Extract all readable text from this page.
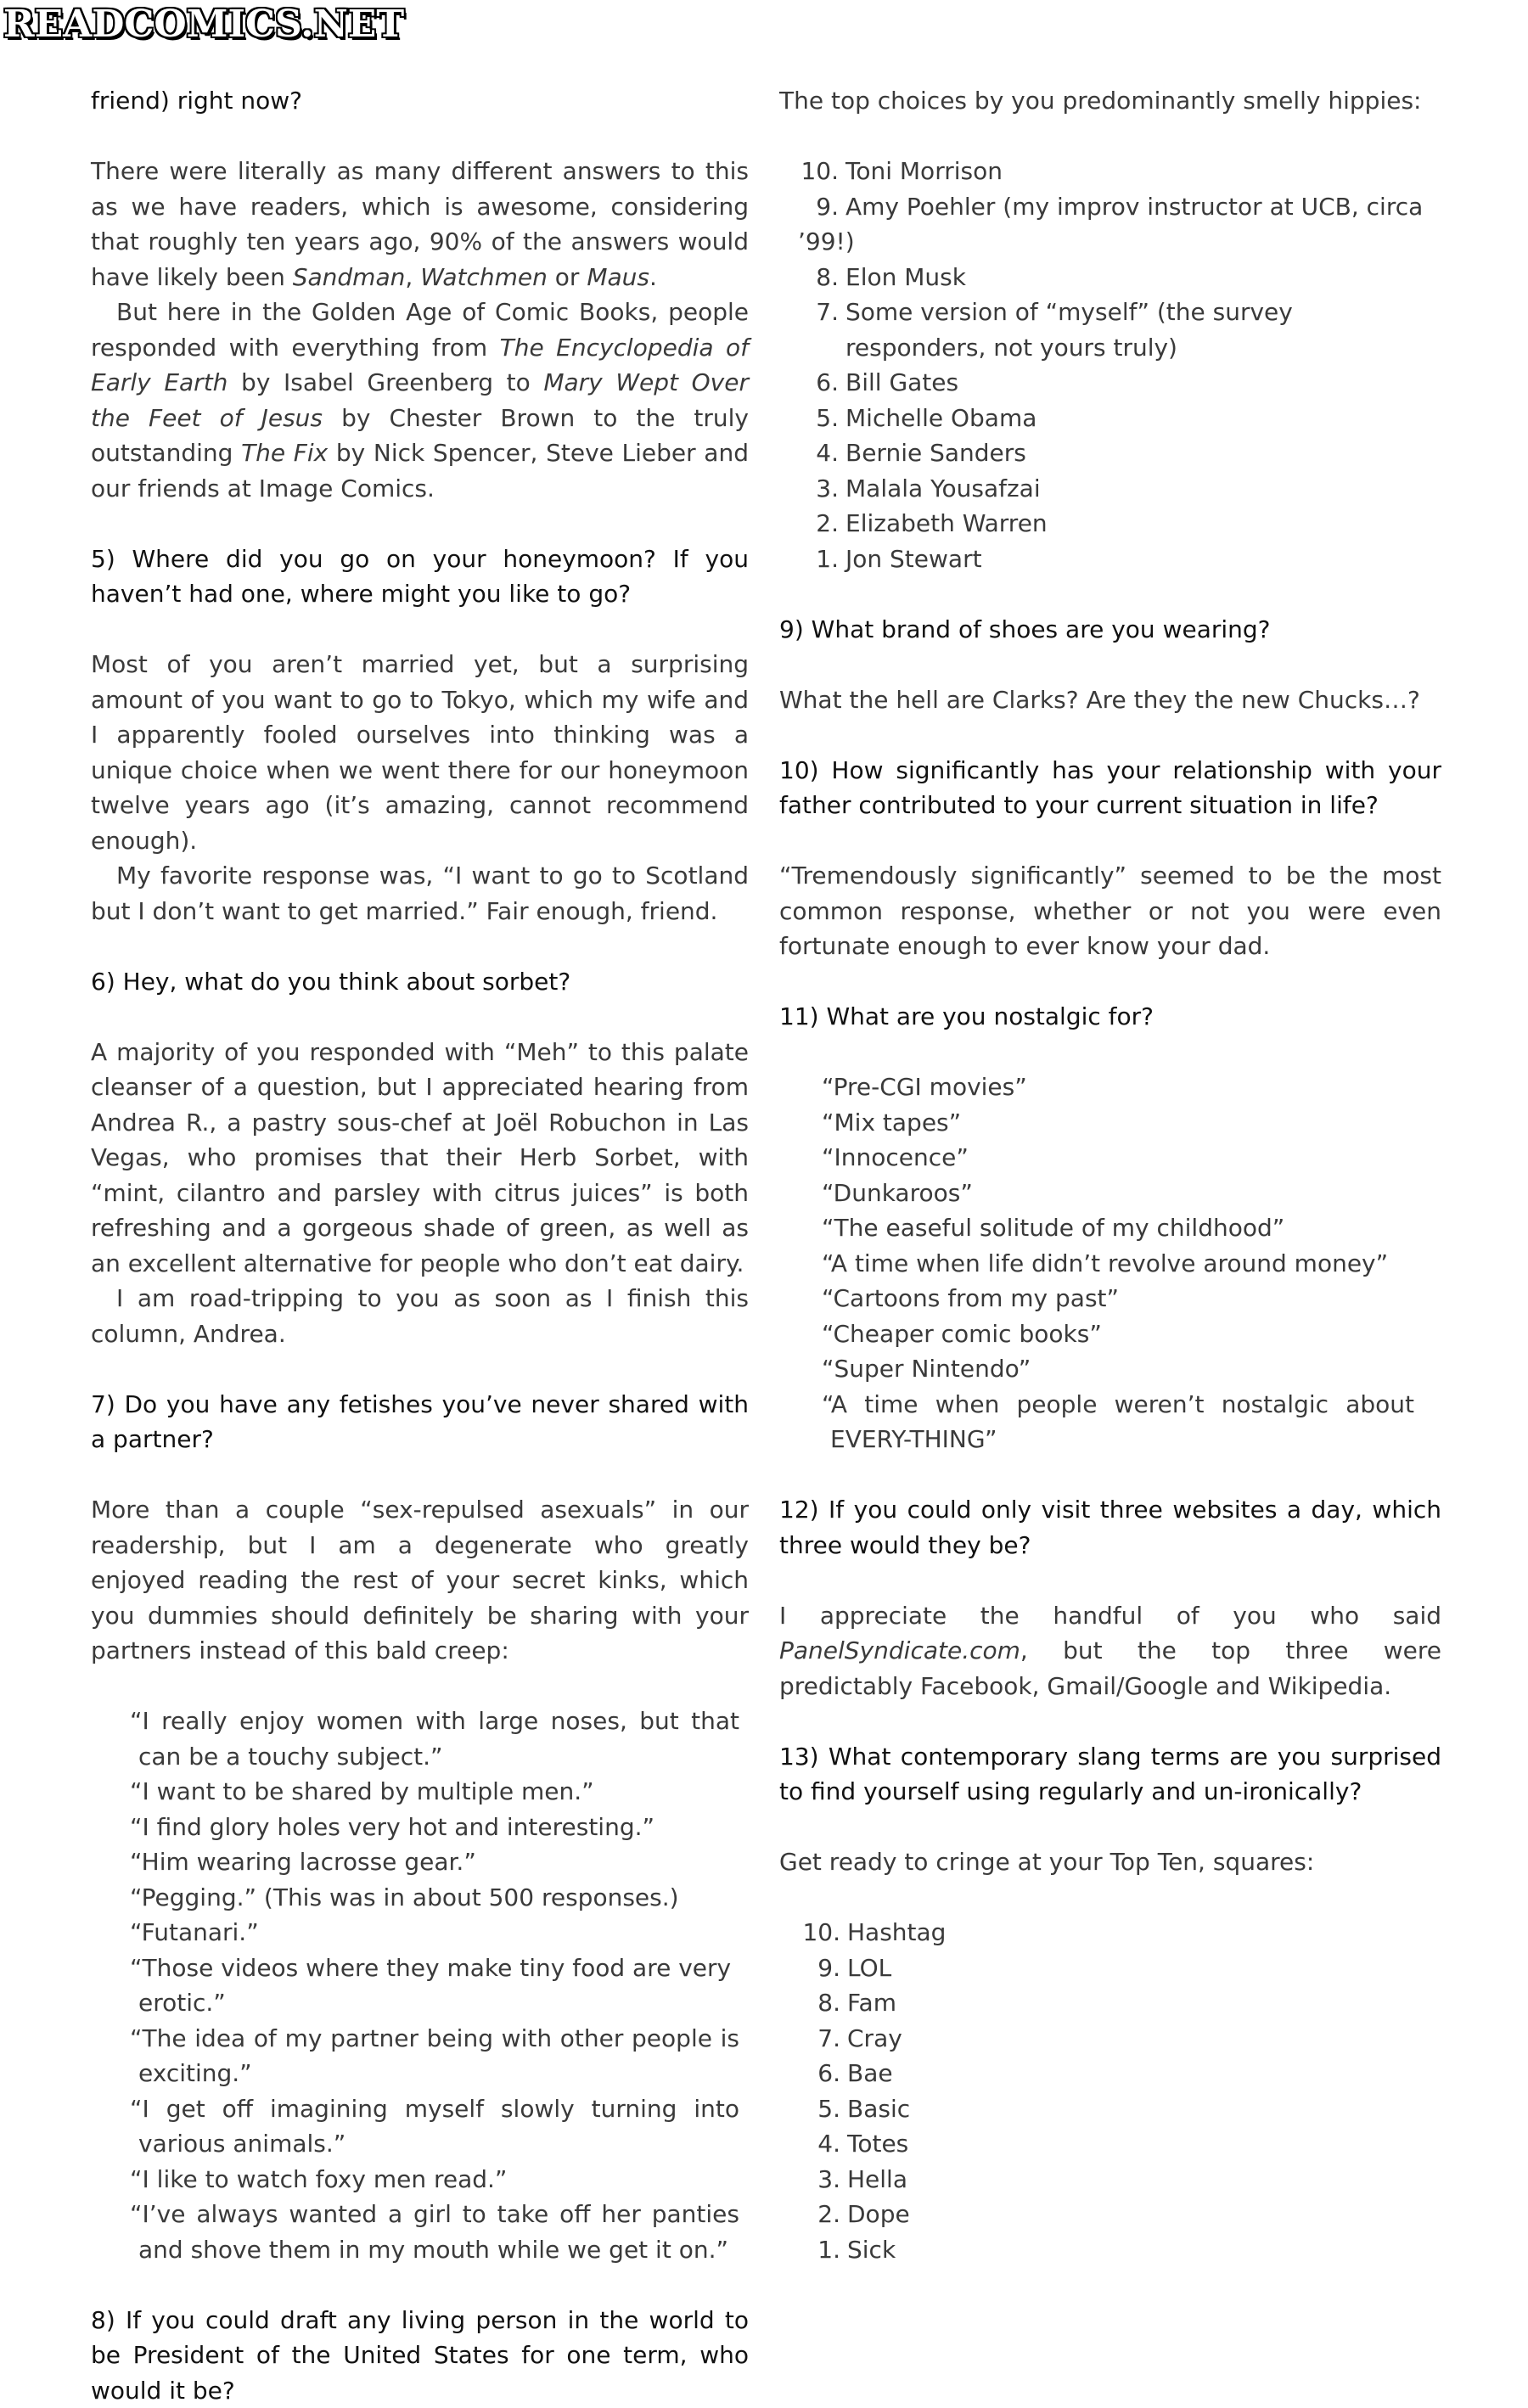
READCOMICS.NET

friend) right now?

There were literally as many different answers to this as we have readers, which is awesome, considering that roughly ten years ago, 90% of the answers would have likely been Sandman, Watchmen or Maus.

But here in the Golden Age of Comic Books, people responded with everything from The Encyclopedia of Early Earth by Isabel Greenberg to Mary Wept Over the Feet of Jesus by Chester Brown to the truly outstanding The Fix by Nick Spencer, Steve Lieber and our friends at Image Comics.

5) Where did you go on your honeymoon? If you haven’t had one, where might you like to go?

Most of you aren’t married yet, but a surprising amount of you want to go to Tokyo, which my wife and I apparently fooled ourselves into thinking was a unique choice when we went there for our honeymoon twelve years ago (it’s amazing, cannot recommend enough).

My favorite response was, “I want to go to Scotland but I don’t want to get married.” Fair enough, friend.

6) Hey, what do you think about sorbet?

A majority of you responded with “Meh” to this palate cleanser of a question, but I appreciated hearing from Andrea R., a pastry sous-chef at Joël Robuchon in Las Vegas, who promises that their Herb Sorbet, with “mint, cilantro and parsley with citrus juices” is both refreshing and a gorgeous shade of green, as well as an excellent alternative for people who don’t eat dairy.

I am road-tripping to you as soon as I finish this column, Andrea.

7) Do you have any fetishes you’ve never shared with a partner?

More than a couple “sex-repulsed asexuals” in our readership, but I am a degenerate who greatly enjoyed reading the rest of your secret kinks, which you dummies should definitely be sharing with your partners instead of this bald creep:

“I really enjoy women with large noses, but that can be a touchy subject.”
“I want to be shared by multiple men.”
“I find glory holes very hot and interesting.”
“Him wearing lacrosse gear.”
“Pegging.” (This was in about 500 responses.)
“Futanari.”
“Those videos where they make tiny food are very erotic.”
“The idea of my partner being with other people is exciting.”
“I get off imagining myself slowly turning into various animals.”
“I like to watch foxy men read.”
“I’ve always wanted a girl to take off her panties and shove them in my mouth while we get it on.”

8) If you could draft any living person in the world to be President of the United States for one term, who would it be?

The top choices by you predominantly smelly hippies:

10. Toni Morrison
9. Amy Poehler (my improv instructor at UCB, circa ’99!)
8. Elon Musk
7. Some version of “myself” (the survey responders, not yours truly)
6. Bill Gates
5. Michelle Obama
4. Bernie Sanders
3. Malala Yousafzai
2. Elizabeth Warren
1. Jon Stewart

9) What brand of shoes are you wearing?

What the hell are Clarks? Are they the new Chucks…?

10) How significantly has your relationship with your father contributed to your current situation in life?

“Tremendously significantly” seemed to be the most common response, whether or not you were even fortunate enough to ever know your dad.

11) What are you nostalgic for?

“Pre-CGI movies”
“Mix tapes”
“Innocence”
“Dunkaroos”
“The easeful solitude of my childhood”
“A time when life didn’t revolve around money”
“Cartoons from my past”
“Cheaper comic books”
“Super Nintendo”
“A time when people weren’t nostalgic about EVERY-THING”

12) If you could only visit three websites a day, which three would they be?

I appreciate the handful of you who said PanelSyndicate.com, but the top three were predictably Facebook, Gmail/Google and Wikipedia.

13) What contemporary slang terms are you surprised to find yourself using regularly and un-ironically?

Get ready to cringe at your Top Ten, squares:

10. Hashtag
9. LOL
8. Fam
7. Cray
6. Bae
5. Basic
4. Totes
3. Hella
2. Dope
1. Sick
